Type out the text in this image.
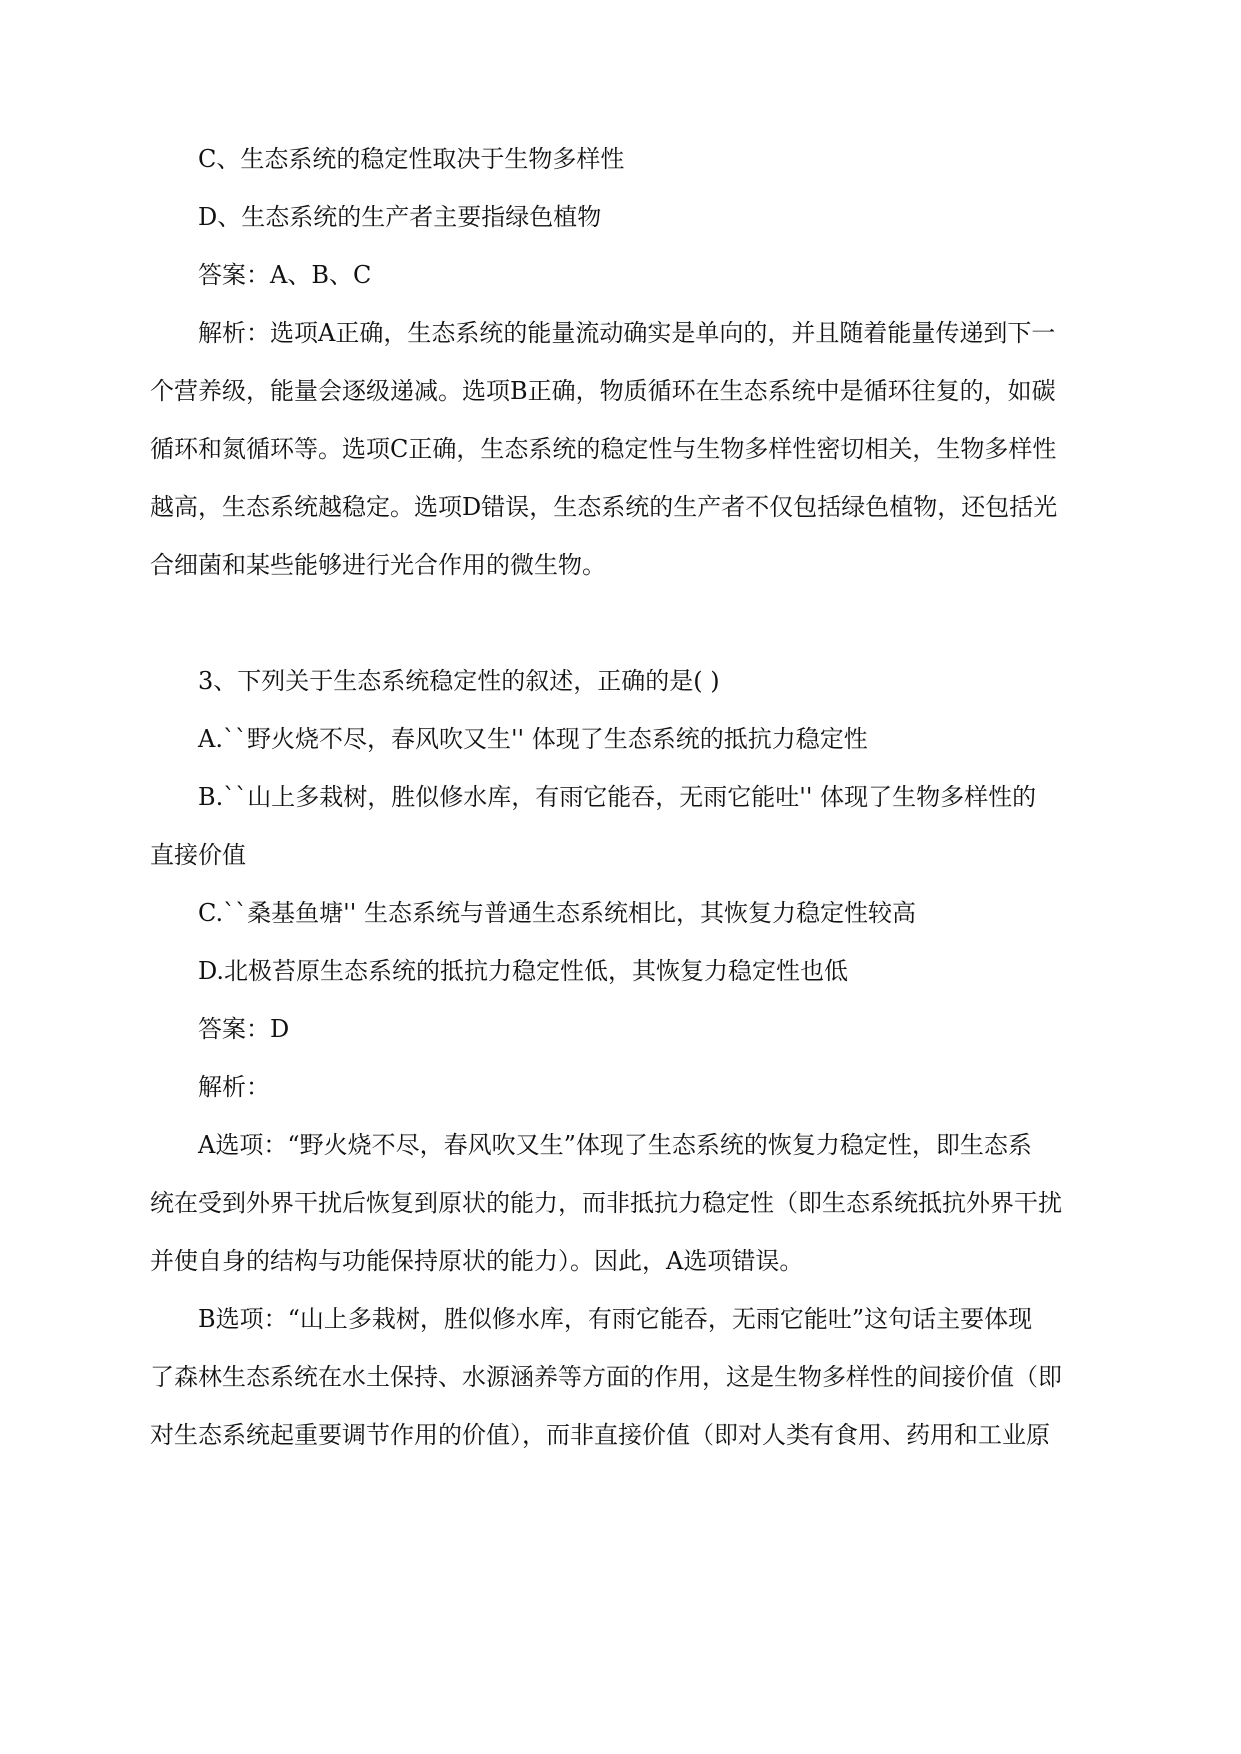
C、生态系统的稳定性取决于生物多样性

D、生态系统的生产者主要指绿色植物

答案：A、B、C

解析：选项A正确，生态系统的能量流动确实是单向的，并且随着能量传递到下一

个营养级，能量会逐级递减。选项B正确，物质循环在生态系统中是循环往复的，如碳

循环和氮循环等。选项C正确，生态系统的稳定性与生物多样性密切相关，生物多样性

越高，生态系统越稳定。选项D错误，生态系统的生产者不仅包括绿色植物，还包括光

合细菌和某些能够进行光合作用的微生物。

3、下列关于生态系统稳定性的叙述，正确的是( )

A.``野火烧不尽，春风吹又生'' 体现了生态系统的抵抗力稳定性

B.``山上多栽树，胜似修水库，有雨它能吞，无雨它能吐'' 体现了生物多样性的

直接价值

C.``桑基鱼塘'' 生态系统与普通生态系统相比，其恢复力稳定性较高

D.北极苔原生态系统的抵抗力稳定性低，其恢复力稳定性也低

答案：D

解析：

A选项：“野火烧不尽，春风吹又生”体现了生态系统的恢复力稳定性，即生态系

统在受到外界干扰后恢复到原状的能力，而非抵抗力稳定性（即生态系统抵抗外界干扰

并使自身的结构与功能保持原状的能力）。因此，A选项错误。

B选项：“山上多栽树，胜似修水库，有雨它能吞，无雨它能吐”这句话主要体现

了森林生态系统在水土保持、水源涵养等方面的作用，这是生物多样性的间接价值（即

对生态系统起重要调节作用的价值），而非直接价值（即对人类有食用、药用和工业原
